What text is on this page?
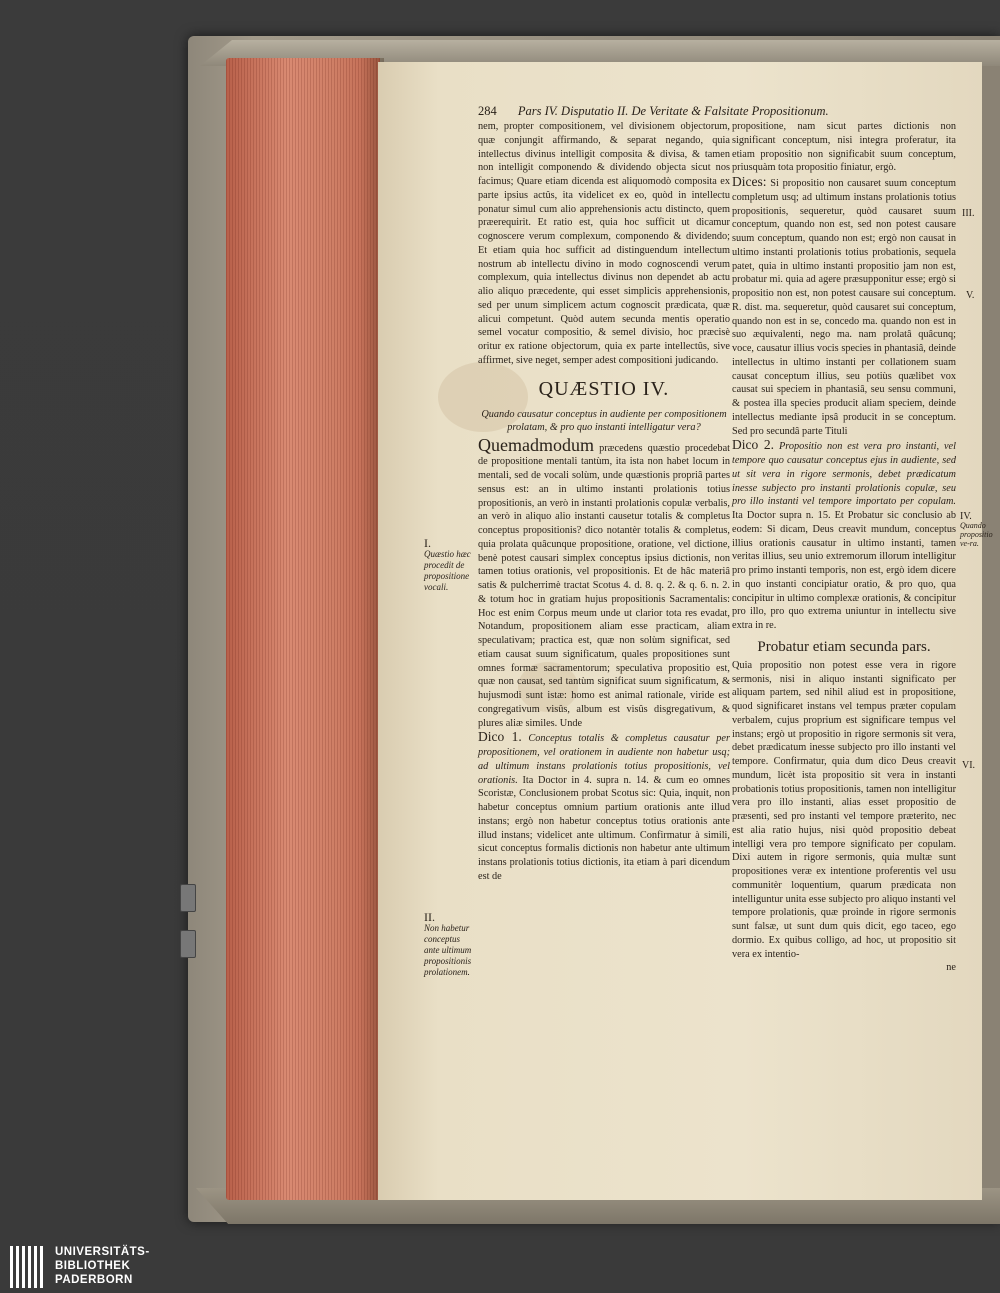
284 Pars IV. Disputatio II. De Veritate & Falsitate Propositionum.

nem, propter compositionem, vel divisionem objectorum, quæ conjungit affirmando, & separat negando, quia intellectus divinus intelligit composita & divisa, & tamen non intelligit componendo & dividendo objecta sicut nos facimus; Quare etiam dicenda est aliquomodò composita ex parte ipsius actûs, ita videlicet ex eo, quòd in intellectu ponatur simul cum alio apprehensionis actu distincto, quem præerequirit. Et ratio est, quia hoc sufficit ut dicamur cognoscere verum complexum, componendo & dividendo; Et etiam quia hoc sufficit ad distinguendum intellectum nostrum ab intellectu divino in modo cognoscendi verum complexum, quia intellectus divinus non dependet ab actu alio aliquo præcedente, qui esset simplicis apprehensionis, sed per unum simplicem actum cognoscit prædicata, quæ alicui competunt. Quòd autem secunda mentis operatio semel vocatur compositio, & semel divisio, hoc præcisè oritur ex ratione objectorum, quia ex parte intellectûs, sive affirmet, sive neget, semper adest compositioni judicando.

QUÆSTIO IV.
Quando causatur conceptus in audiente per compositionem prolatam, & pro quo instanti intelligatur vera?

Quemadmodum præcedens quæstio procedebat de propositione mentali tantùm, ita ista non habet locum in mentali, sed de vocali solùm, unde quæstionis propriâ partes sensus est: an in ultimo instanti prolationis totius propositionis, an verò in instanti prolationis copulæ verbalis, an verò in aliquo alio instanti causetur totalis & completus conceptus propositionis? dico notantèr totalis & completus, quia prolata quâcunque propositione, oratione, vel dictione, benè potest causari simplex conceptus ipsius dictionis, non tamen totius orationis, vel propositionis. Et de hâc materiâ satis & pulcherrimè tractat Scotus 4. d. 8. q. 2. & q. 6. n. 2. & totum hoc in gratiam hujus propositionis Sacramentalis: Hoc est enim Corpus meum unde ut clarior tota res evadat, Notandum, propositionem aliam esse practicam, aliam speculativam; practica est, quæ non solùm significat, sed etiam causat suum significatum, quales propositiones sunt omnes formæ sacramentorum; speculativa propositio est, quæ non causat, sed tantùm significat suum significatum, & hujusmodi sunt istæ: homo est animal rationale, viride est congregativum visûs, album est visûs disgregativum, & plures aliæ similes. Unde

Dico 1. Conceptus totalis & completus causatur per propositionem, vel orationem in audiente non habetur usq; ad ultimum instans prolationis totius propositionis, vel orationis. Ita Doctor in 4. supra n. 14. & cum eo omnes Scoristæ, Conclusionem probat Scotus sic: Quia, inquit, non habetur conceptus omnium partium orationis ante illud instans; ergò non habetur conceptus totius orationis ante illud instans; videlicet ante ultimum. Confirmatur à simili, sicut conceptus formalis dictionis non habetur ante ultimum instans prolationis totius dictionis, ita etiam à pari dicendum est de

propositione, nam sicut partes dictionis non significant conceptum, nisi integra proferatur, ita etiam propositio non significabit suum conceptum, priusquàm tota propositio finiatur, ergò.

Dices: Si propositio non causaret suum conceptum completum usq; ad ultimum instans prolationis totius propositionis, sequeretur, quòd causaret suum conceptum, quando non est, sed non potest causare suum conceptum, quando non est; ergò non causat in ultimo instanti prolationis totius probationis, sequela patet, quia in ultimo instanti propositio jam non est, probatur mi. quia ad agere præsupponitur esse; ergò si propositio non est, non potest causare sui conceptum. R. dist. ma. sequeretur, quòd causaret sui conceptum, quando non est in se, concedo ma. quando non est in suo æquivalenti, nego ma. nam prolatâ quâcunq; voce, causatur illius vocis species in phantasiâ, deinde intellectus in ultimo instanti per collationem suam causat conceptum illius, seu potiùs quælibet vox causat sui speciem in phantasiâ, seu sensu communi, & postea illa species producit aliam speciem, deinde intellectus mediante ipsâ producit in se conceptum. Sed pro secundâ parte Tituli

Dico 2. Propositio non est vera pro instanti, vel tempore quo causatur conceptus ejus in audiente, sed ut sit vera in rigore sermonis, debet prædicatum inesse subjecto pro instanti prolationis copulæ, seu pro illo instanti vel tempore importato per copulam. Ita Doctor supra n. 15. Et Probatur sic conclusio ab eodem: Si dicam, Deus creavit mundum, conceptus illius orationis causatur in ultimo instanti, tamen veritas illius, seu unio extremorum illorum intelligitur pro primo instanti temporis, non est, ergò idem dicere in quo instanti concipiatur oratio, & pro quo, qua concipitur in ultimo complexæ orationis, & concipitur pro illo, pro quo extrema uniuntur in intellectu sive extra in re.

Probatur etiam secunda pars.

Quia propositio non potest esse vera in rigore sermonis, nisi in aliquo instanti significato per aliquam partem, sed nihil aliud est in propositione, quod significaret instans vel tempus præter copulam verbalem, cujus proprium est significare tempus vel instans; ergò ut propositio in rigore sermonis sit vera, debet prædicatum inesse subjecto pro illo instanti vel tempore. Confirmatur, quia dum dico Deus creavit mundum, licèt ista propositio sit vera in instanti probationis totius propositionis, tamen non intelligitur vera pro illo instanti, alias esset propositio de præsenti, sed pro instanti vel tempore præterito, nec est alia ratio hujus, nisi quòd propositio debeat intelligi vera pro tempore significato per copulam. Dixi autem in rigore sermonis, quia multæ sunt propositiones veræ ex intentione proferentis vel usu communitèr loquentium, quarum prædicata non intelliguntur unita esse subjecto pro aliquo instanti vel tempore prolationis, quæ proinde in rigore sermonis sunt falsæ, ut sunt dum quis dicit, ego taceo, ego dormio. Ex quibus colligo, ad hoc, ut propositio sit vera ex intentio-

ne
I.
Quæstio hæc procedit de propositione vocali.
II.
Non habetur conceptus ante ultimum propositionis prolationem.
III.
V.
IV.
Quando propositio ve-ra.
VI.
UNIVERSITÄTS-
BIBLIOTHEK
PADERBORN
